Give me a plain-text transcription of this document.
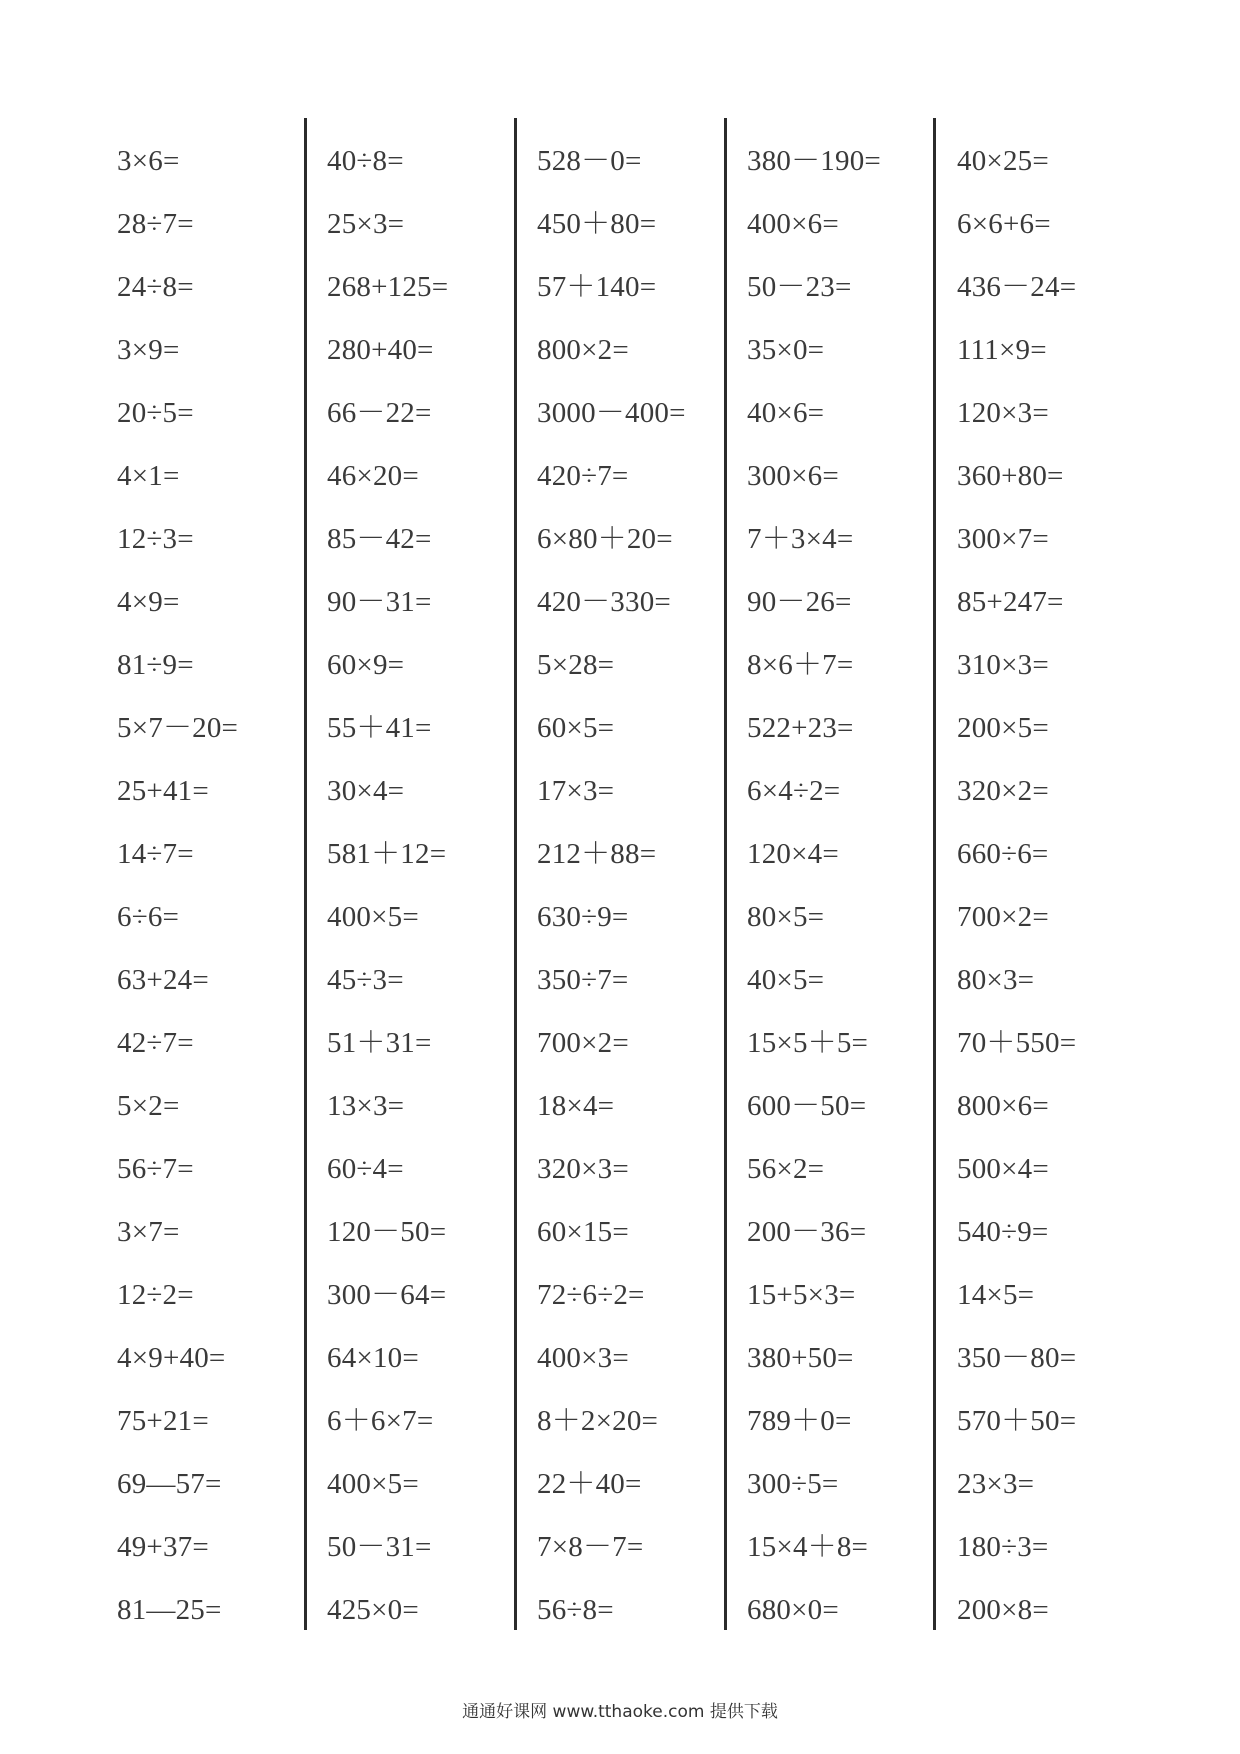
3×6=
28÷7=
24÷8=
3×9=
20÷5=
4×1=
12÷3=
4×9=
81÷9=
5×7－20=
25+41=
14÷7=
6÷6=
63+24=
42÷7=
5×2=
56÷7=
3×7=
12÷2=
4×9+40=
75+21=
69—57=
49+37=
81—25=
40÷8=
25×3=
268+125=
280+40=
66－22=
46×20=
85－42=
90－31=
60×9=
55＋41=
30×4=
581＋12=
400×5=
45÷3=
51＋31=
13×3=
60÷4=
120－50=
300－64=
64×10=
6＋6×7=
400×5=
50－31=
425×0=
528－0=
450＋80=
57＋140=
800×2=
3000－400=
420÷7=
6×80＋20=
420－330=
5×28=
60×5=
17×3=
212＋88=
630÷9=
350÷7=
700×2=
18×4=
320×3=
60×15=
72÷6÷2=
400×3=
8＋2×20=
22＋40=
7×8－7=
56÷8=
380－190=
400×6=
50－23=
35×0=
40×6=
300×6=
7＋3×4=
90－26=
8×6＋7=
522+23=
6×4÷2=
120×4=
80×5=
40×5=
15×5＋5=
600－50=
56×2=
200－36=
15+5×3=
380+50=
789＋0=
300÷5=
15×4＋8=
680×0=
40×25=
6×6+6=
436－24=
111×9=
120×3=
360+80=
300×7=
85+247=
310×3=
200×5=
320×2=
660÷6=
700×2=
80×3=
70＋550=
800×6=
500×4=
540÷9=
14×5=
350－80=
570＋50=
23×3=
180÷3=
200×8=
通通好课网 www.tthaoke.com 提供下载
